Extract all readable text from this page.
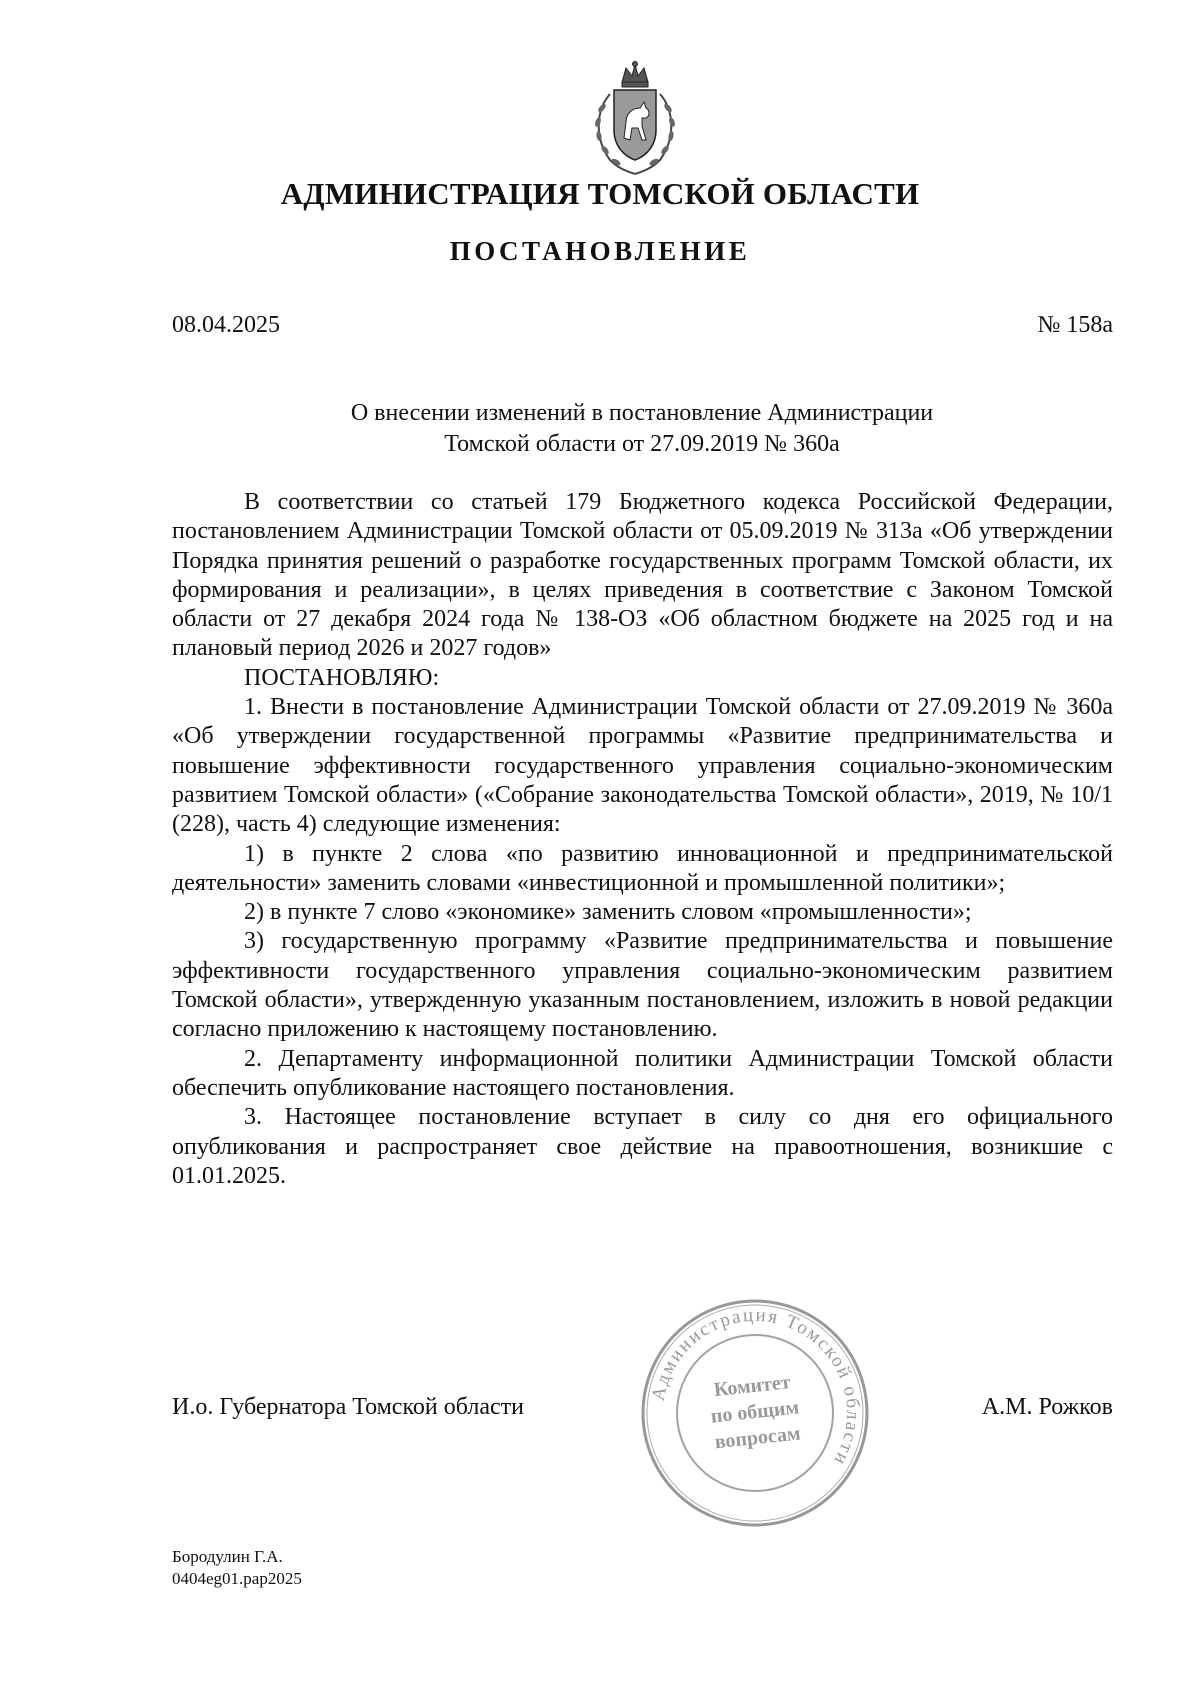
АДМИНИСТРАЦИЯ ТОМСКОЙ ОБЛАСТИ
ПОСТАНОВЛЕНИЕ
08.04.2025	№ 158а
О внесении изменений в постановление Администрации
Томской области от 27.09.2019 № 360а

В соответствии со статьей 179 Бюджетного кодекса Российской Федерации, постановлением Администрации Томской области от 05.09.2019 № 313а «Об утверждении Порядка принятия решений о разработке государственных программ Томской области, их формирования и реализации», в целях приведения в соответствие с Законом Томской области от 27 декабря 2024 года № 138-ОЗ «Об областном бюджете на 2025 год и на плановый период 2026 и 2027 годов»

ПОСТАНОВЛЯЮ:

1. Внести в постановление Администрации Томской области от 27.09.2019 № 360а «Об утверждении государственной программы «Развитие предпринимательства и повышение эффективности государственного управления социально-экономическим развитием Томской области» («Собрание законодательства Томской области», 2019, № 10/1 (228), часть 4) следующие изменения:

1) в пункте 2 слова «по развитию инновационной и предпринимательской деятельности» заменить словами «инвестиционной и промышленной политики»;

2) в пункте 7 слово «экономике» заменить словом «промышленности»;

3) государственную программу «Развитие предпринимательства и повышение эффективности государственного управления социально-экономическим развитием Томской области», утвержденную указанным постановлением, изложить в новой редакции согласно приложению к настоящему постановлению.

2. Департаменту информационной политики Администрации Томской области обеспечить опубликование настоящего постановления.

3. Настоящее постановление вступает в силу со дня его официального опубликования и распространяет свое действие на правоотношения, возникшие с 01.01.2025.

Администрация Томской области
Комитет
по общим
вопросам
И.о. Губернатора Томской области	А.М. Рожков
Бородулин Г.А.
0404eg01.pap2025
